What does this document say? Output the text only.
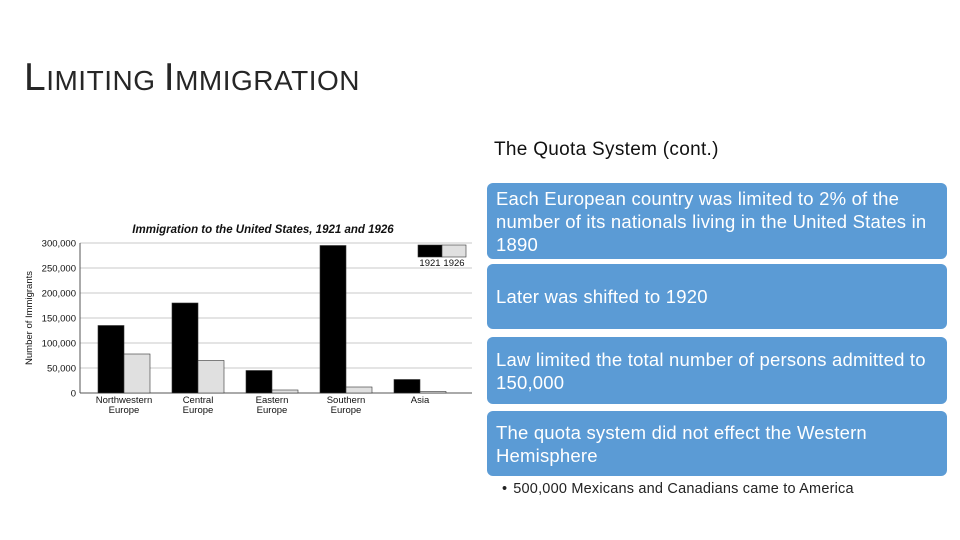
LIMITING IMMIGRATION
Immigration to the United States, 1921 and 1926
0
50,000
100,000
150,000
200,000
250,000
300,000
Number of Immigrants
Northwestern
Europe
Central
Europe
Eastern
Europe
Southern
Europe
Asia
1921 1926
The Quota System (cont.)
Each European country was limited to 2% of the number of its nationals living in the United States in 1890
Later was shifted to 1920
Law limited the total number of persons admitted to 150,000
The quota system did not effect the Western Hemisphere
• 500,000 Mexicans and Canadians came to America
